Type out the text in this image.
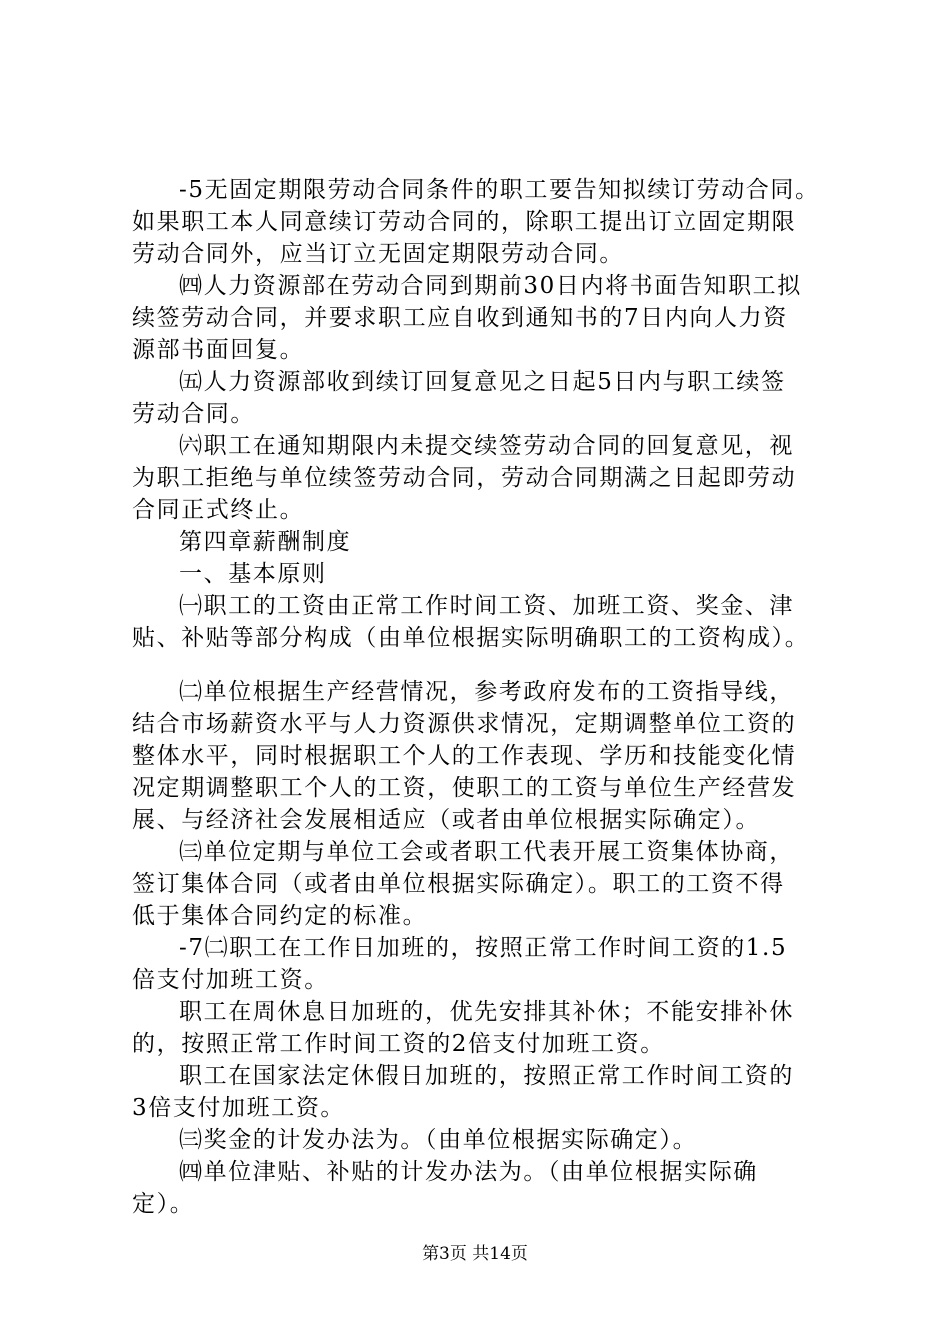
-5无固定期限劳动合同条件的职工要告知拟续订劳动合同。
如果职工本人同意续订劳动合同的，除职工提出订立固定期限
劳动合同外，应当订立无固定期限劳动合同。
㈣人力资源部在劳动合同到期前30日内将书面告知职工拟
续签劳动合同，并要求职工应自收到通知书的7日内向人力资
源部书面回复。
㈤人力资源部收到续订回复意见之日起5日内与职工续签
劳动合同。
㈥职工在通知期限内未提交续签劳动合同的回复意见，视
为职工拒绝与单位续签劳动合同，劳动合同期满之日起即劳动
合同正式终止。
第四章薪酬制度
一、基本原则
㈠职工的工资由正常工作时间工资、加班工资、奖金、津
贴、补贴等部分构成（由单位根据实际明确职工的工资构成）。
㈡单位根据生产经营情况，参考政府发布的工资指导线，
结合市场薪资水平与人力资源供求情况，定期调整单位工资的
整体水平，同时根据职工个人的工作表现、学历和技能变化情
况定期调整职工个人的工资，使职工的工资与单位生产经营发
展、与经济社会发展相适应（或者由单位根据实际确定）。
㈢单位定期与单位工会或者职工代表开展工资集体协商，
签订集体合同（或者由单位根据实际确定）。职工的工资不得
低于集体合同约定的标准。
-7㈡职工在工作日加班的，按照正常工作时间工资的1.5
倍支付加班工资。
职工在周休息日加班的，优先安排其补休；不能安排补休
的，按照正常工作时间工资的2倍支付加班工资。
职工在国家法定休假日加班的，按照正常工作时间工资的
3倍支付加班工资。
㈢奖金的计发办法为。（由单位根据实际确定）。
㈣单位津贴、补贴的计发办法为。（由单位根据实际确
定）。
第3页 共14页
